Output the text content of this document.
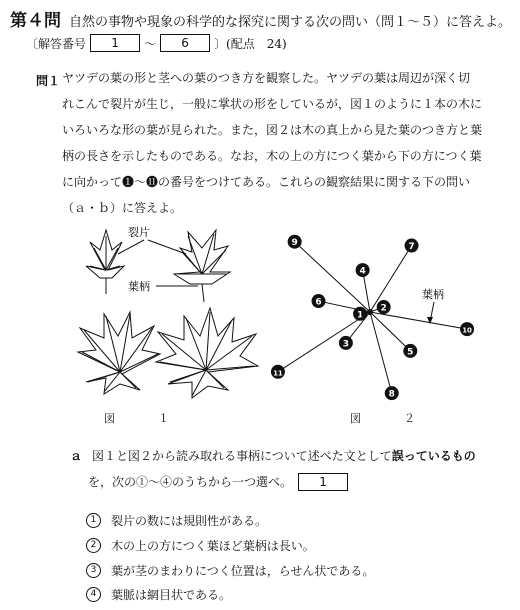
第４問 自然の事物や現象の科学的な探究に関する次の問い（問１～５）に答えよ。
〔解答番号	1	～	6	〕(配点　24)
問１ ヤツデの葉の形と茎への葉のつき方を観察した。ヤツデの葉は周辺が深く切
れこんで裂片が生じ，一般に掌状の形をしているが，図１のように１本の木に
いろいろな形の葉が見られた。また，図２は木の真上から見た葉のつき方と葉
柄の長さを示したものである。なお，木の上の方につく葉から下の方につく葉
に向かって❶～⓫の番号をつけてある。これらの観察結果に関する下の問い
（ａ・ｂ）に答えよ。
裂片
葉柄
図　１
葉柄
1
2
3
4
5
6
7
8
9
10
11
図　２
ａ 図１と図２から読み取れる事柄について述べた文として誤っているもの
を，次の①～④のうちから一つ選べ。	1
1	裂片の数には規則性がある。
2	木の上の方につく葉ほど葉柄は長い。
3	葉が茎のまわりにつく位置は，らせん状である。
4	葉脈は網目状である。
